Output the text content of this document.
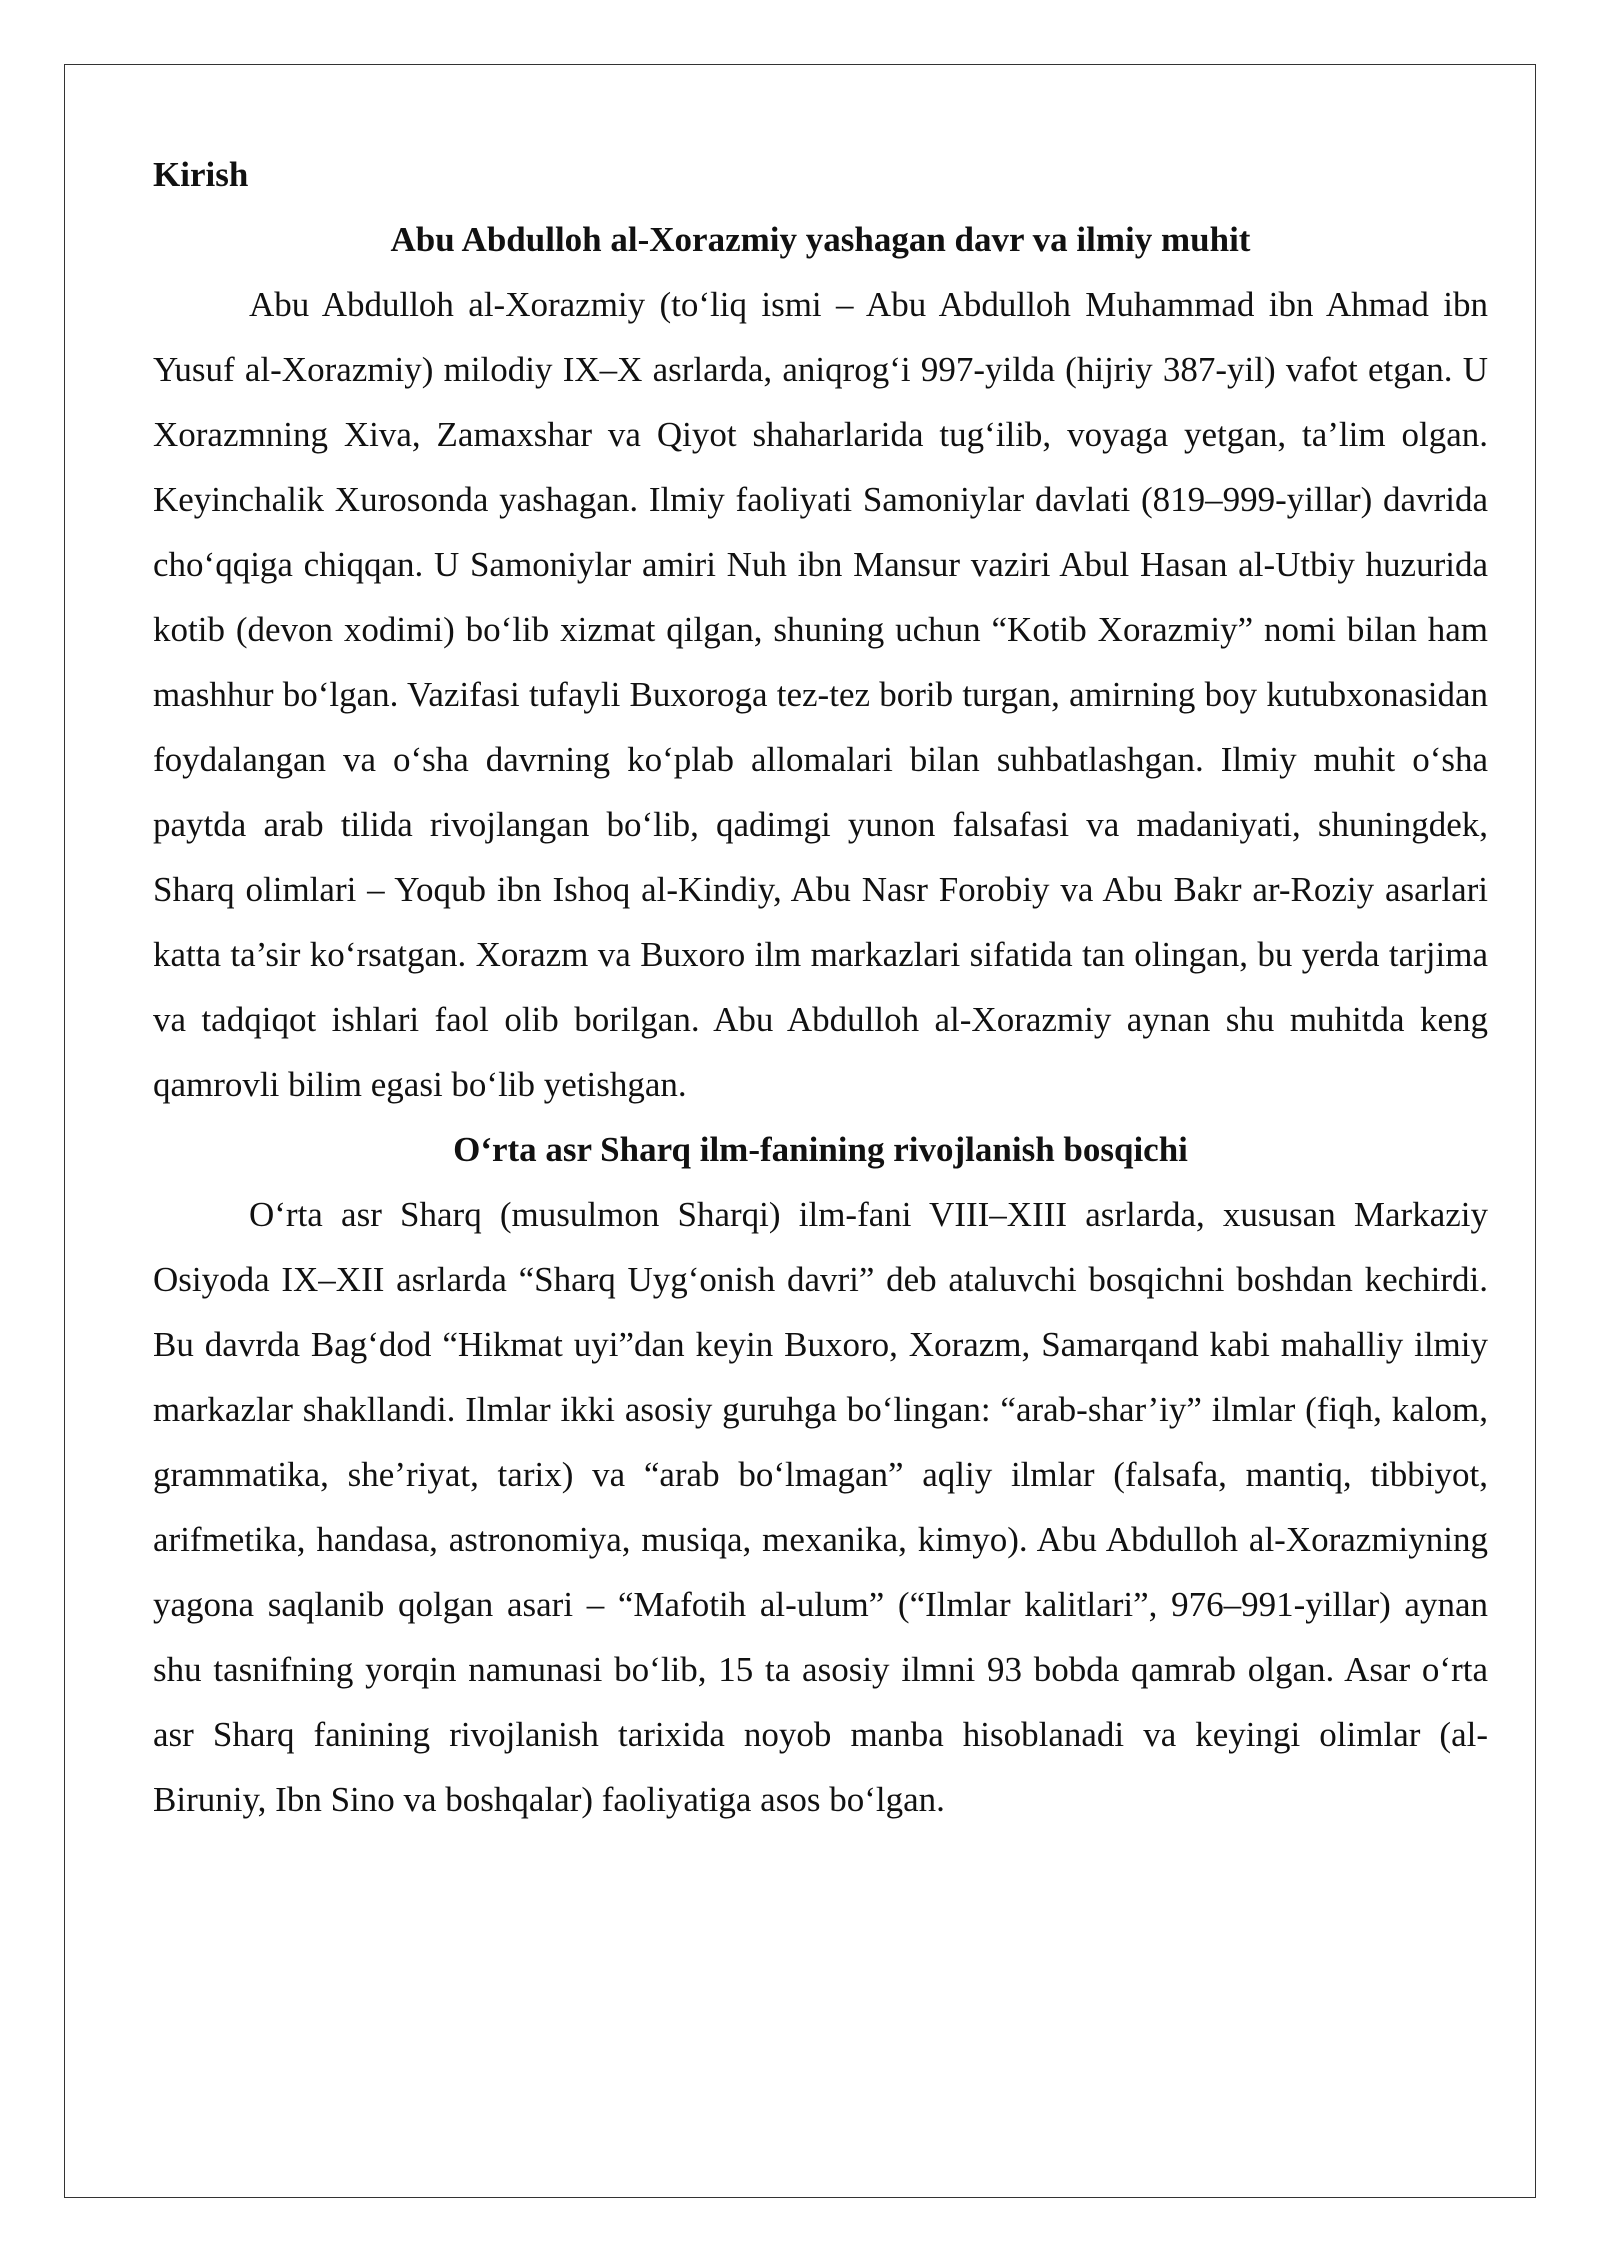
Kirish

Abu Abdulloh al-Xorazmiy yashagan davr va ilmiy muhit

Abu Abdulloh al-Xorazmiy (to‘liq ismi – Abu Abdulloh Muhammad ibn Ahmad ibn Yusuf al-Xorazmiy) milodiy IX–X asrlarda, aniqrog‘i 997-yilda (hijriy 387-yil) vafot etgan. U Xorazmning Xiva, Zamaxshar va Qiyot shaharlarida tug‘ilib, voyaga yetgan, ta’lim olgan. Keyinchalik Xurosonda yashagan. Ilmiy faoliyati Samoniylar davlati (819–999-yillar) davrida cho‘qqiga chiqqan. U Samoniylar amiri Nuh ibn Mansur vaziri Abul Hasan al-Utbiy huzurida kotib (devon xodimi) bo‘lib xizmat qilgan, shuning uchun “Kotib Xorazmiy” nomi bilan ham mashhur bo‘lgan. Vazifasi tufayli Buxoroga tez-tez borib turgan, amirning boy kutubxonasidan foydalangan va o‘sha davrning ko‘plab allomalari bilan suhbatlashgan. Ilmiy muhit o‘sha paytda arab tilida rivojlangan bo‘lib, qadimgi yunon falsafasi va madaniyati, shuningdek, Sharq olimlari – Yoqub ibn Ishoq al-Kindiy, Abu Nasr Forobiy va Abu Bakr ar-Roziy asarlari katta ta’sir ko‘rsatgan. Xorazm va Buxoro ilm markazlari sifatida tan olingan, bu yerda tarjima va tadqiqot ishlari faol olib borilgan. Abu Abdulloh al-Xorazmiy aynan shu muhitda keng qamrovli bilim egasi bo‘lib yetishgan.

O‘rta asr Sharq ilm-fanining rivojlanish bosqichi

O‘rta asr Sharq (musulmon Sharqi) ilm-fani VIII–XIII asrlarda, xususan Markaziy Osiyoda IX–XII asrlarda “Sharq Uyg‘onish davri” deb ataluvchi bosqichni boshdan kechirdi. Bu davrda Bag‘dod “Hikmat uyi”dan keyin Buxoro, Xorazm, Samarqand kabi mahalliy ilmiy markazlar shakllandi. Ilmlar ikki asosiy guruhga bo‘lingan: “arab-shar’iy” ilmlar (fiqh, kalom, grammatika, she’riyat, tarix) va “arab bo‘lmagan” aqliy ilmlar (falsafa, mantiq, tibbiyot, arifmetika, handasa, astronomiya, musiqa, mexanika, kimyo). Abu Abdulloh al-Xorazmiyning yagona saqlanib qolgan asari – “Mafotih al-ulum” (“Ilmlar kalitlari”, 976–991-yillar) aynan shu tasnifning yorqin namunasi bo‘lib, 15 ta asosiy ilmni 93 bobda qamrab olgan. Asar o‘rta asr Sharq fanining rivojlanish tarixida noyob manba hisoblanadi va keyingi olimlar (al-Biruniy, Ibn Sino va boshqalar) faoliyatiga asos bo‘lgan.
